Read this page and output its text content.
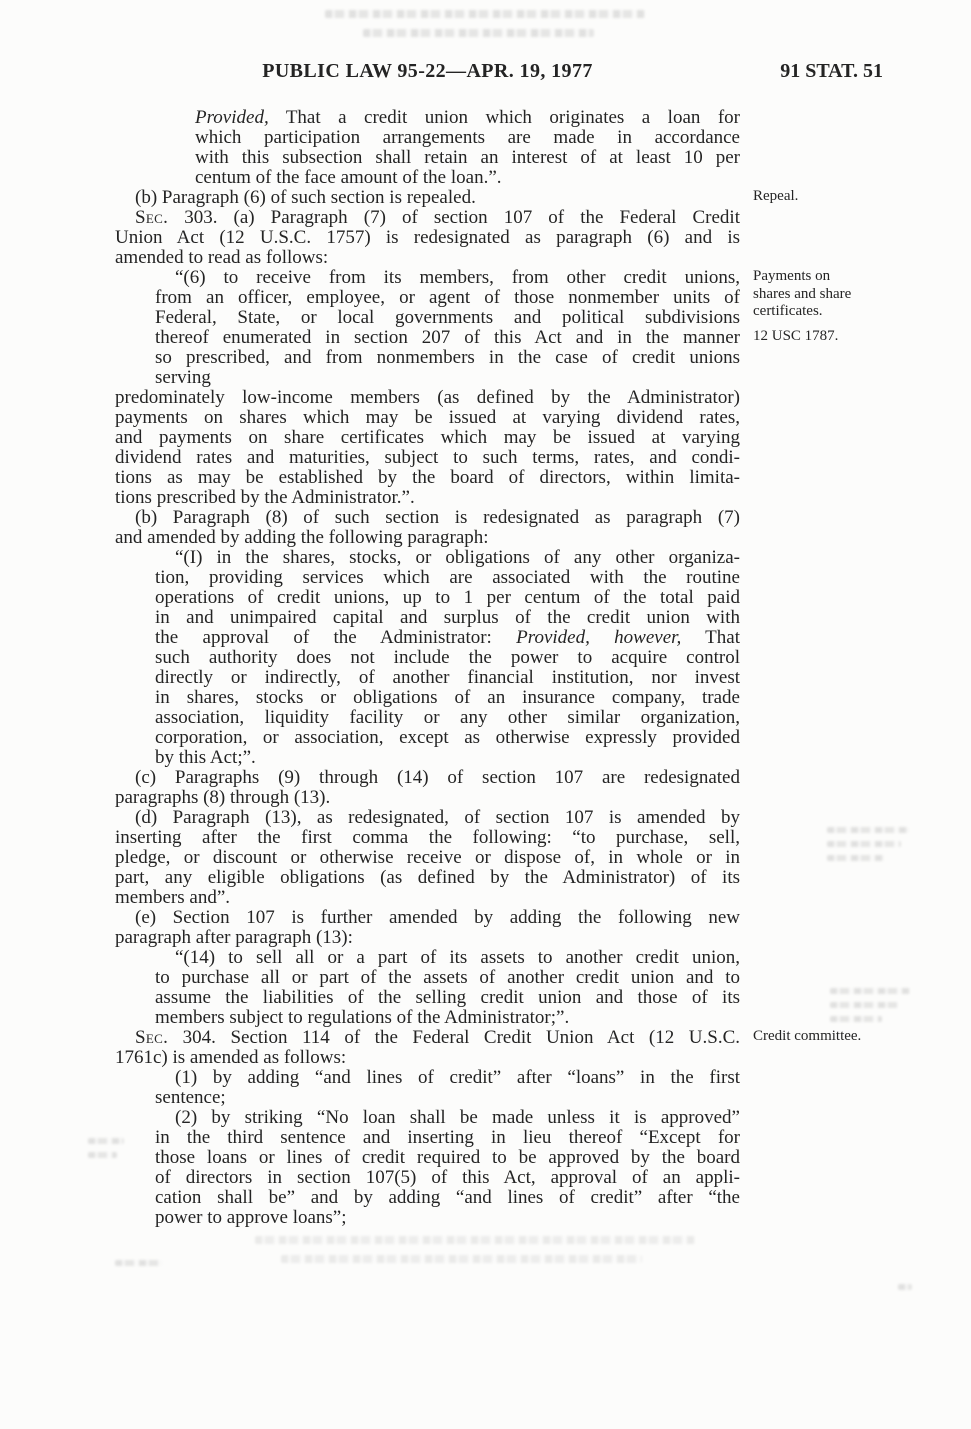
PUBLIC LAW 95-22—APR. 19, 1977	91 STAT. 51
Provided, That a credit union which originates a loan for
which participation arrangements are made in accordance
with this subsection shall retain an interest of at least 10 per
centum of the face amount of the loan.”.
(b) Paragraph (6) of such section is repealed.	Repeal.
Sec. 303. (a) Paragraph (7) of section 107 of the Federal Credit
Union Act (12 U.S.C. 1757) is redesignated as paragraph (6) and is
amended to read as follows:
“(6) to receive from its members, from other credit unions,
from an officer, employee, or agent of those nonmember units of
Federal, State, or local governments and political subdivisions
thereof enumerated in section 207 of this Act and in the manner
so prescribed, and from nonmembers in the case of credit unions
serving
Payments on shares and share certificates.
12 USC 1787.
predominately low-income members (as defined by the Administrator)
payments on shares which may be issued at varying dividend rates,
and payments on share certificates which may be issued at varying
dividend rates and maturities, subject to such terms, rates, and condi-
tions as may be established by the board of directors, within limita-
tions prescribed by the Administrator.”.
(b) Paragraph (8) of such section is redesignated as paragraph (7)
and amended by adding the following paragraph:
“(I) in the shares, stocks, or obligations of any other organiza-
tion, providing services which are associated with the routine
operations of credit unions, up to 1 per centum of the total paid
in and unimpaired capital and surplus of the credit union with
the approval of the Administrator: Provided, however, That
such authority does not include the power to acquire control
directly or indirectly, of another financial institution, nor invest
in shares, stocks or obligations of an insurance company, trade
association, liquidity facility or any other similar organization,
corporation, or association, except as otherwise expressly provided
by this Act;”.
(c) Paragraphs (9) through (14) of section 107 are redesignated
paragraphs (8) through (13).
(d) Paragraph (13), as redesignated, of section 107 is amended by
inserting after the first comma the following: “to purchase, sell,
pledge, or discount or otherwise receive or dispose of, in whole or in
part, any eligible obligations (as defined by the Administrator) of its
members and”.
(e) Section 107 is further amended by adding the following new
paragraph after paragraph (13):
“(14) to sell all or a part of its assets to another credit union,
to purchase all or part of the assets of another credit union and to
assume the liabilities of the selling credit union and those of its
members subject to regulations of the Administrator;”.
Sec. 304. Section 114 of the Federal Credit Union Act (12 U.S.C.
1761c) is amended as follows:
Credit committee.
(1) by adding “and lines of credit” after “loans” in the first
sentence;
(2) by striking “No loan shall be made unless it is approved”
in the third sentence and inserting in lieu thereof “Except for
those loans or lines of credit required to be approved by the board
of directors in section 107(5) of this Act, approval of an appli-
cation shall be” and by adding “and lines of credit” after “the
power to approve loans”;
